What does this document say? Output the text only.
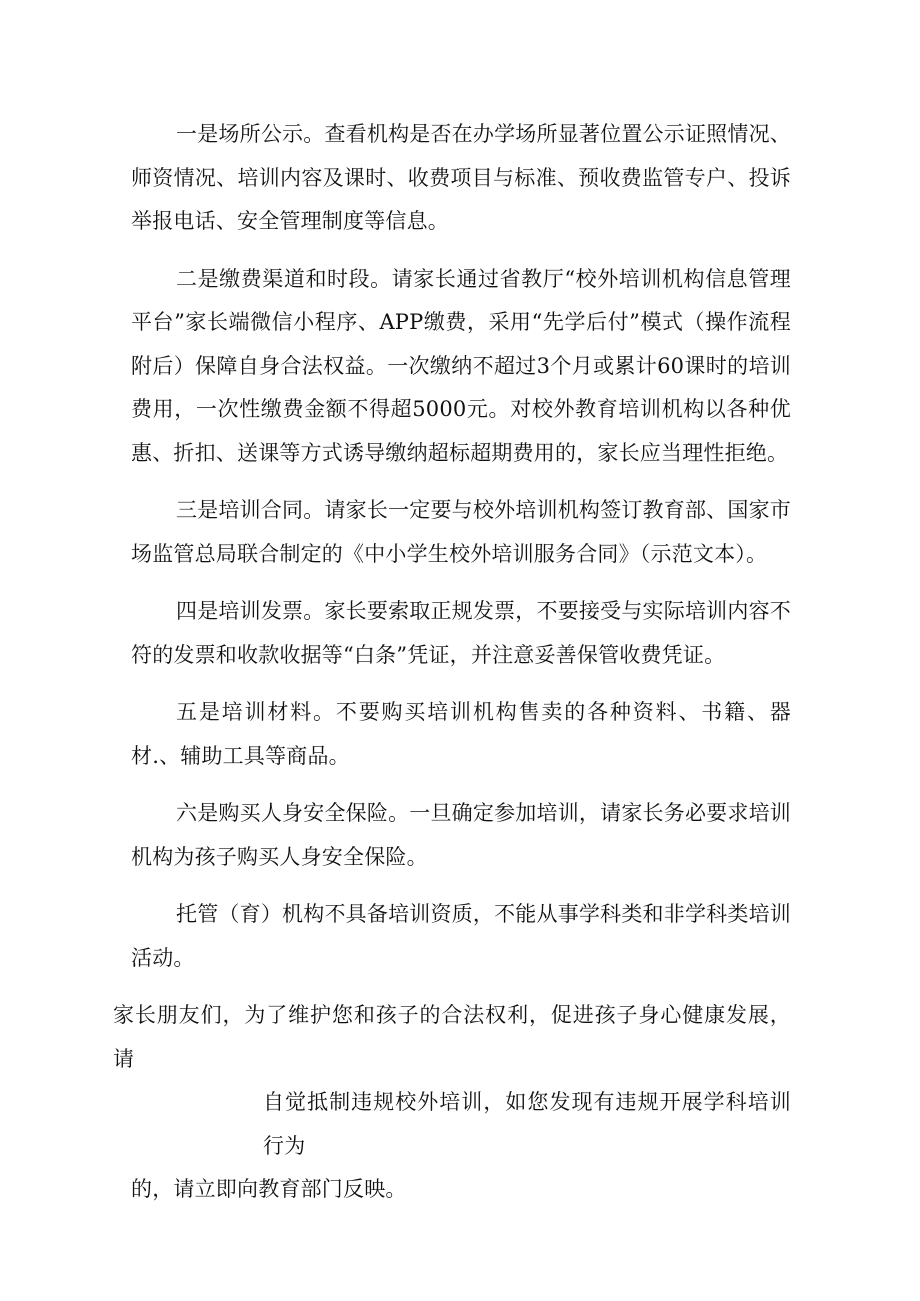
一是场所公示。查看机构是否在办学场所显著位置公示证照情况、师资情况、培训内容及课时、收费项目与标准、预收费监管专户、投诉举报电话、安全管理制度等信息。

二是缴费渠道和时段。请家长通过省教厅“校外培训机构信息管理平台”家长端微信小程序、APP缴费，采用“先学后付”模式（操作流程附后）保障自身合法权益。一次缴纳不超过3个月或累计60课时的培训费用，一次性缴费金额不得超5000元。对校外教育培训机构以各种优惠、折扣、送课等方式诱导缴纳超标超期费用的，家长应当理性拒绝。

三是培训合同。请家长一定要与校外培训机构签订教育部、国家市场监管总局联合制定的《中小学生校外培训服务合同》（示范文本）。

四是培训发票。家长要索取正规发票，不要接受与实际培训内容不符的发票和收款收据等“白条”凭证，并注意妥善保管收费凭证。

五是培训材料。不要购买培训机构售卖的各种资料、书籍、器材.、辅助工具等商品。

六是购买人身安全保险。一旦确定参加培训，请家长务必要求培训机构为孩子购买人身安全保险。

托管（育）机构不具备培训资质，不能从事学科类和非学科类培训活动。

家长朋友们，为了维护您和孩子的合法权利，促进孩子身心健康发展，请
自觉抵制违规校外培训，如您发现有违规开展学科培训行为
的，请立即向教育部门反映。
